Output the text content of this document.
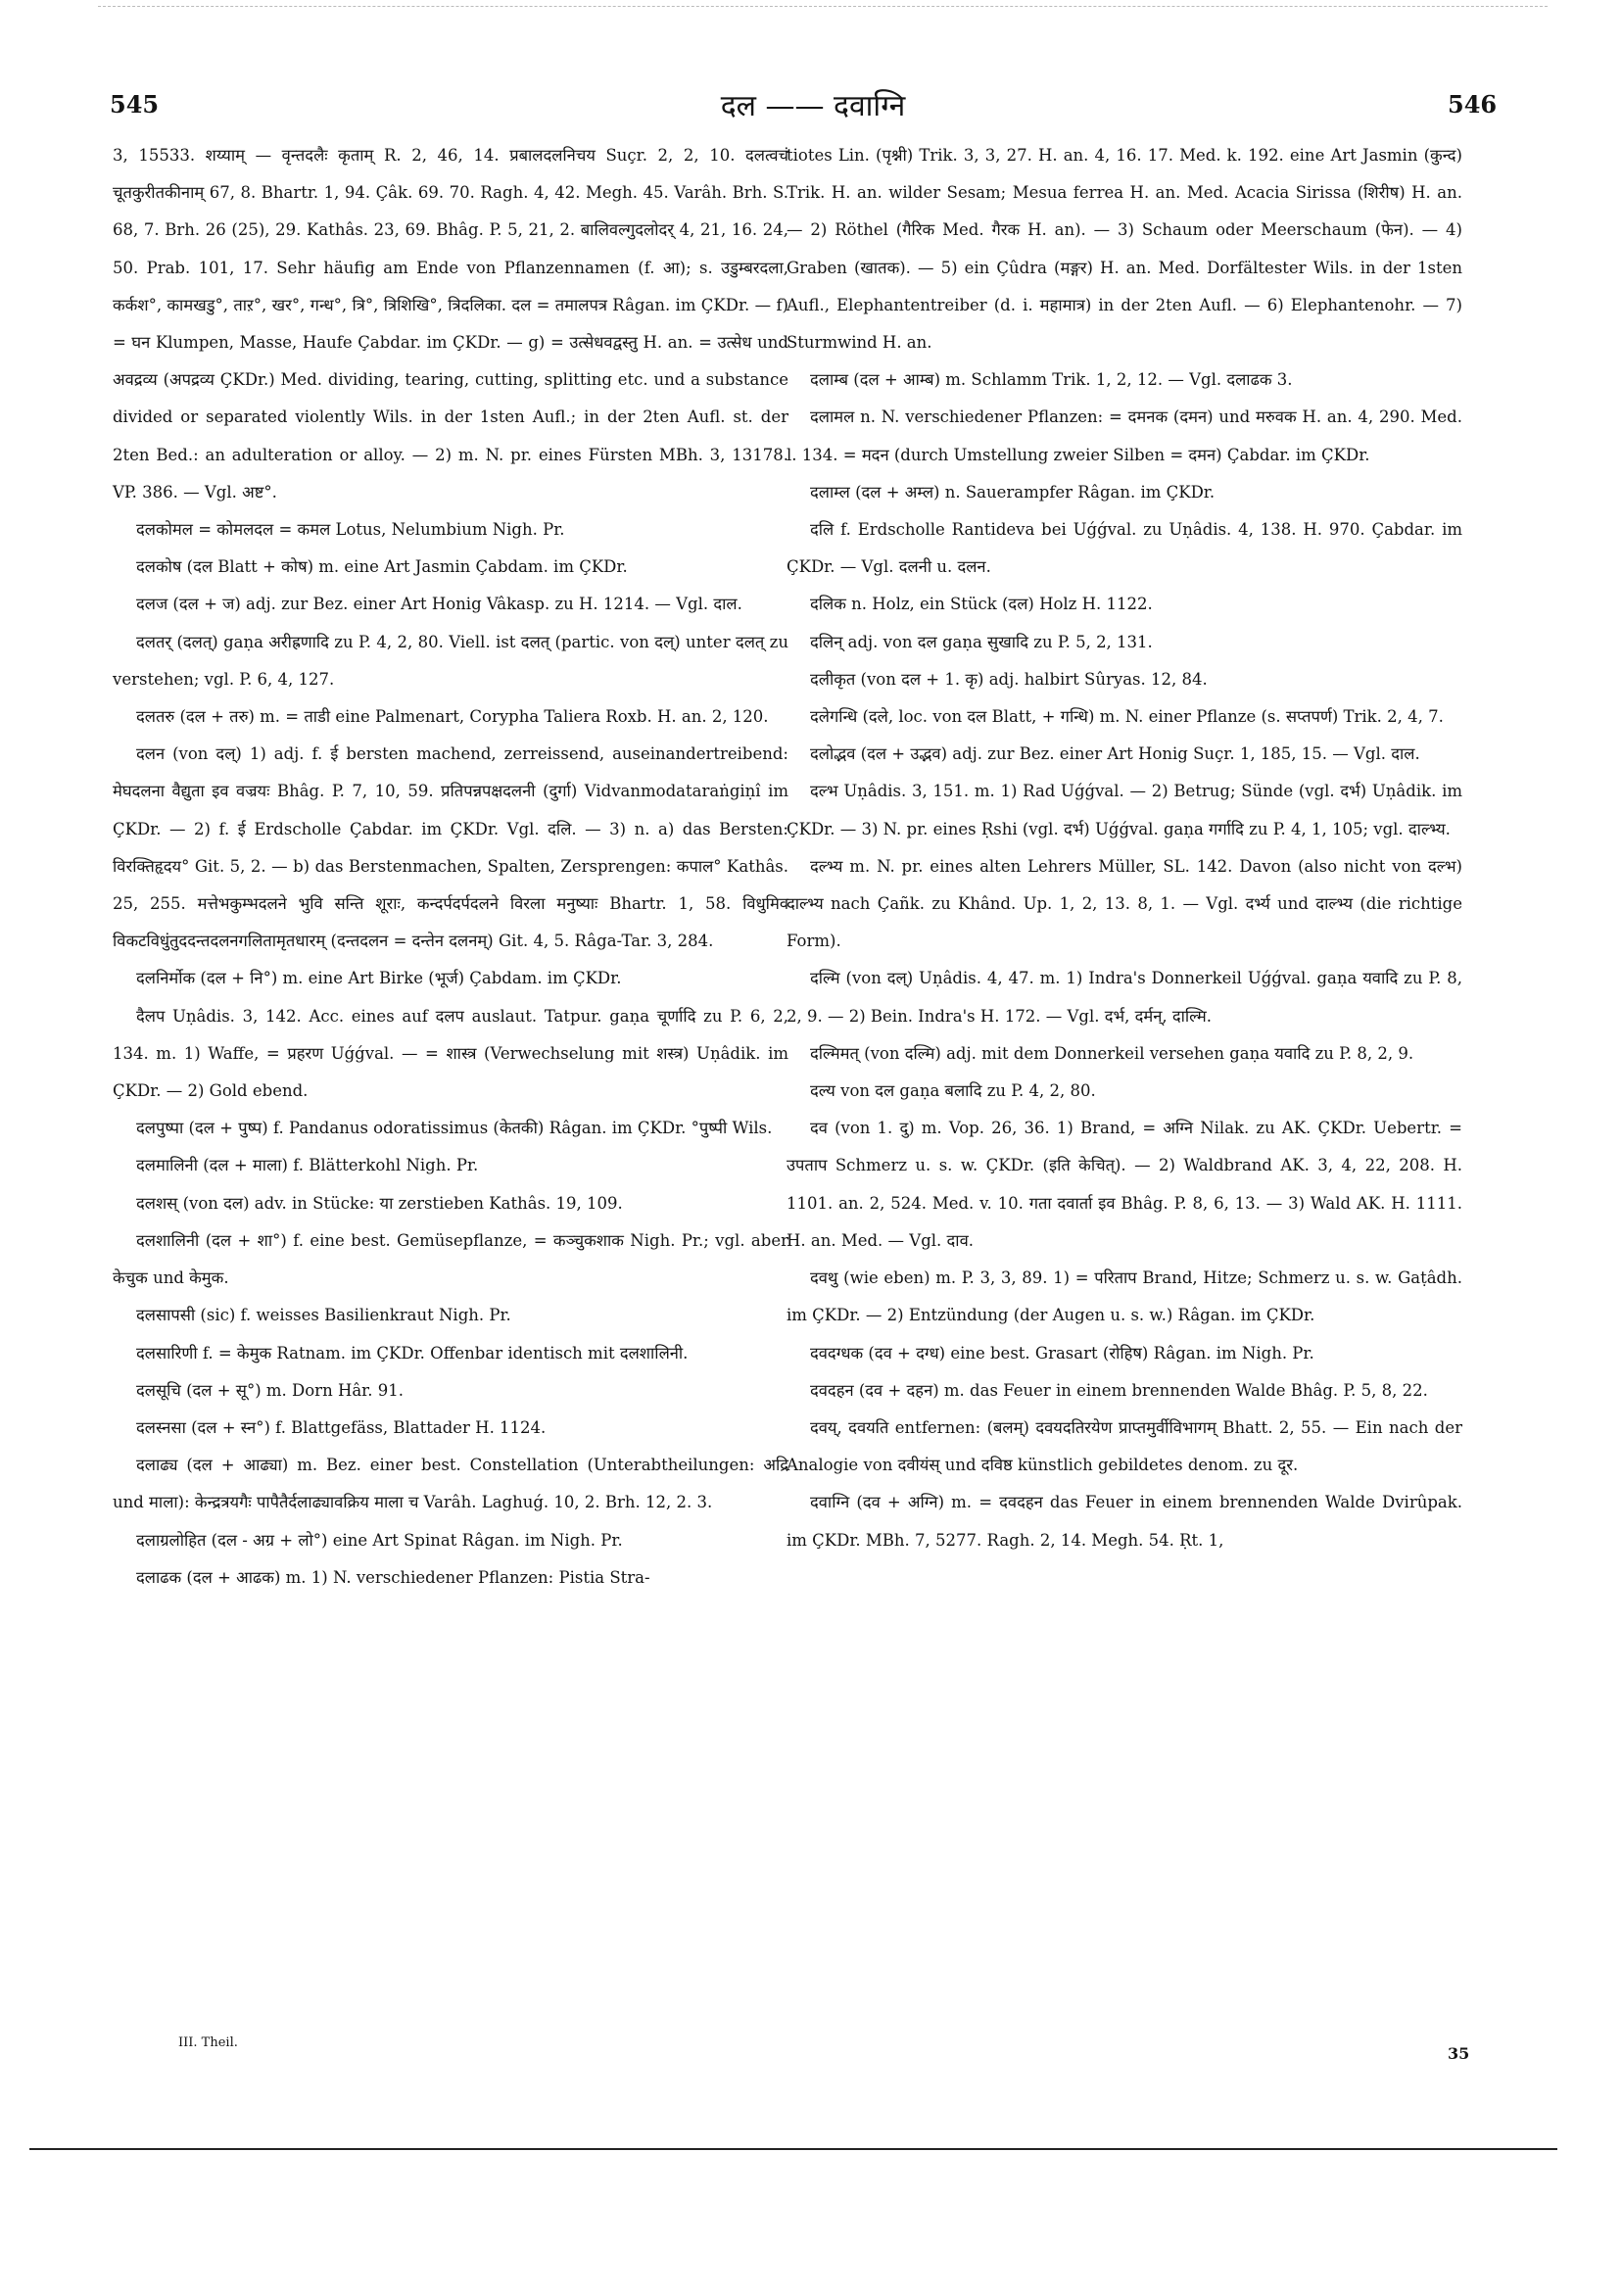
545	दल —— दवाग्नि	546

3, 15533. शय्याम् — वृन्तदलैः कृताम् R. 2, 46, 14. प्रबालदलनिचय Suçr. 2, 2, 10. दलत्वचं चूतकुरीतकीनाम् 67, 8. Bhartr. 1, 94. Çâk. 69. 70. Ragh. 4, 42. Megh. 45. Varâh. Brh. S. 68, 7. Brh. 26 (25), 29. Kathâs. 23, 69. Bhâg. P. 5, 21, 2. बालिवल्गुदलोदर् 4, 21, 16. 24, 50. Prab. 101, 17. Sehr häufig am Ende von Pflanzennamen (f. आ); s. उडुम्बरदला, कर्कश°, कामखडु°, ताऱ°, खर°, गन्ध°, त्रि°, त्रिशिखि°, त्रिदलिका. दल = तमालपत्र Râgan. im ÇKDr. — f) = घन Klumpen, Masse, Haufe Çabdar. im ÇKDr. — g) = उत्सेधवद्वस्तु H. an. = उत्सेध und अवद्रव्य (अपद्रव्य ÇKDr.) Med. dividing, tearing, cutting, splitting etc. und a substance divided or separated violently Wils. in der 1sten Aufl.; in der 2ten Aufl. st. der 2ten Bed.: an adulteration or alloy. — 2) m. N. pr. eines Fürsten MBh. 3, 13178. VP. 386. — Vgl. अष्ट°.

दलकोमल = कोमलदल = कमल Lotus, Nelumbium Nigh. Pr.

दलकोष (दल Blatt + कोष) m. eine Art Jasmin Çabdam. im ÇKDr.

दलज (दल + ज) adj. zur Bez. einer Art Honig Vâkasp. zu H. 1214. — Vgl. दाल.

दलतर् (दलत्) gaṇa अरीह्रणादि zu P. 4, 2, 80. Viell. ist दलत् (partic. von दल्) unter दलत् zu verstehen; vgl. P. 6, 4, 127.

दलतरु (दल + तरु) m. = ताडी eine Palmenart, Corypha Taliera Roxb. H. an. 2, 120.

दलन (von दल्) 1) adj. f. ई bersten machend, zerreissend, auseinandertreibend: मेघदलना वैद्युता इव वज्रयः Bhâg. P. 7, 10, 59. प्रतिपन्नपक्षदलनी (दुर्गा) Vidvanmodataraṅgiṇî im ÇKDr. — 2) f. ई Erdscholle Çabdar. im ÇKDr. Vgl. दलि. — 3) n. a) das Bersten: विरक्तिहृदय° Git. 5, 2. — b) das Berstenmachen, Spalten, Zersprengen: कपाल° Kathâs. 25, 255. मत्तेभकुम्भदलने भुवि सन्ति शूराः, कन्दर्पदर्पदलने विरला मनुष्याः Bhartr. 1, 58. विधुमिव विकटविधुंतुददन्तदलनगलितामृतधारम् (दन्तदलन = दन्तेन दलनम्) Git. 4, 5. Râga-Tar. 3, 284.

दलनिर्मोक (दल + नि°) m. eine Art Birke (भूर्ज) Çabdam. im ÇKDr.

दैलप Uṇâdis. 3, 142. Acc. eines auf दलप auslaut. Tatpur. gaṇa चूर्णादि zu P. 6, 2, 134. m. 1) Waffe, = प्रहरण Uǵǵval. — = शास्त्र (Verwechselung mit शस्त्र) Uṇâdik. im ÇKDr. — 2) Gold ebend.

दलपुष्पा (दल + पुष्प) f. Pandanus odoratissimus (केतकी) Râgan. im ÇKDr. °पुष्पी Wils.

दलमालिनी (दल + माला) f. Blätterkohl Nigh. Pr.

दलशस् (von दल) adv. in Stücke: या zerstieben Kathâs. 19, 109.

दलशालिनी (दल + शा°) f. eine best. Gemüsepflanze, = कञ्चुकशाक Nigh. Pr.; vgl. aber केचुक und केमुक.

दलसापसी (sic) f. weisses Basilienkraut Nigh. Pr.

दलसारिणी f. = केमुक Ratnam. im ÇKDr. Offenbar identisch mit दलशालिनी.

दलसूचि (दल + सू°) m. Dorn Hâr. 91.

दलस्नसा (दल + स्न°) f. Blattgefäss, Blattader H. 1124.

दलाढ्य (दल + आढ्या) m. Bez. einer best. Constellation (Unterabtheilungen: अद्रि und माला): केन्द्रत्रयगैः पापैतैर्दलाढ्यावक्रिय माला च Varâh. Laghuǵ. 10, 2. Brh. 12, 2. 3.

दलाग्रलोहित (दल - अग्र + लो°) eine Art Spinat Râgan. im Nigh. Pr.

दलाढक (दल + आढक) m. 1) N. verschiedener Pflanzen: Pistia Stra-

tiotes Lin. (पृश्नी) Trik. 3, 3, 27. H. an. 4, 16. 17. Med. k. 192. eine Art Jasmin (कुन्द) Trik. H. an. wilder Sesam; Mesua ferrea H. an. Med. Acacia Sirissa (शिरीष) H. an. — 2) Röthel (गैरिक Med. गैरक H. an). — 3) Schaum oder Meerschaum (फेन). — 4) Graben (खातक). — 5) ein Çûdra (मङ्गर) H. an. Med. Dorfältester Wils. in der 1sten Aufl., Elephantentreiber (d. i. महामात्र) in der 2ten Aufl. — 6) Elephantenohr. — 7) Sturmwind H. an.

दलाम्ब (दल + आम्ब) m. Schlamm Trik. 1, 2, 12. — Vgl. दलाढक 3.

दलामल n. N. verschiedener Pflanzen: = दमनक (दमन) und मरुवक H. an. 4, 290. Med. l. 134. = मदन (durch Umstellung zweier Silben = दमन) Çabdar. im ÇKDr.

दलाम्ल (दल + अम्ल) n. Sauerampfer Râgan. im ÇKDr.

दलि f. Erdscholle Rantideva bei Uǵǵval. zu Uṇâdis. 4, 138. H. 970. Çabdar. im ÇKDr. — Vgl. दलनी u. दलन.

दलिक n. Holz, ein Stück (दल) Holz H. 1122.

दलिन् adj. von दल gaṇa सुखादि zu P. 5, 2, 131.

दलीकृत (von दल + 1. कृ) adj. halbirt Sûryas. 12, 84.

दलेगन्धि (दले, loc. von दल Blatt, + गन्धि) m. N. einer Pflanze (s. सप्तपर्ण) Trik. 2, 4, 7.

दलोद्भव (दल + उद्भव) adj. zur Bez. einer Art Honig Suçr. 1, 185, 15. — Vgl. दाल.

दल्भ Uṇâdis. 3, 151. m. 1) Rad Uǵǵval. — 2) Betrug; Sünde (vgl. दर्भ) Uṇâdik. im ÇKDr. — 3) N. pr. eines Ṛshi (vgl. दर्भ) Uǵǵval. gaṇa गर्गादि zu P. 4, 1, 105; vgl. दाल्भ्य.

दल्भ्य m. N. pr. eines alten Lehrers Müller, SL. 142. Davon (also nicht von दल्भ) दाल्भ्य nach Çañk. zu Khând. Up. 1, 2, 13. 8, 1. — Vgl. दर्भ्य und दाल्भ्य (die richtige Form).

दल्मि (von दल्) Uṇâdis. 4, 47. m. 1) Indra's Donnerkeil Uǵǵval. gaṇa यवादि zu P. 8, 2, 9. — 2) Bein. Indra's H. 172. — Vgl. दर्भ, दर्मन्, दाल्मि.

दल्मिमत् (von दल्मि) adj. mit dem Donnerkeil versehen gaṇa यवादि zu P. 8, 2, 9.

दल्य von दल gaṇa बलादि zu P. 4, 2, 80.

दव (von 1. दु) m. Vop. 26, 36. 1) Brand, = अग्नि Nilak. zu AK. ÇKDr. Uebertr. = उपताप Schmerz u. s. w. ÇKDr. (इति केचित्). — 2) Waldbrand AK. 3, 4, 22, 208. H. 1101. an. 2, 524. Med. v. 10. गता दवार्ता इव Bhâg. P. 8, 6, 13. — 3) Wald AK. H. 1111. H. an. Med. — Vgl. दाव.

दवथु (wie eben) m. P. 3, 3, 89. 1) = परिताप Brand, Hitze; Schmerz u. s. w. Gaṭâdh. im ÇKDr. — 2) Entzündung (der Augen u. s. w.) Râgan. im ÇKDr.

दवदग्धक (दव + दग्ध) eine best. Grasart (रोहिष) Râgan. im Nigh. Pr.

दवदहन (दव + दहन) m. das Feuer in einem brennenden Walde Bhâg. P. 5, 8, 22.

दवय्, दवयति entfernen: (बलम्) दवयदतिरयेण प्राप्तमुर्वीविभागम् Bhatt. 2, 55. — Ein nach der Analogie von दवीयंस् und दविष्ठ künstlich gebildetes denom. zu दूर.

दवाग्नि (दव + अग्नि) m. = दवदहन das Feuer in einem brennenden Walde Dvirûpak. im ÇKDr. MBh. 7, 5277. Ragh. 2, 14. Megh. 54. Ṛt. 1,

III. Theil.
35
